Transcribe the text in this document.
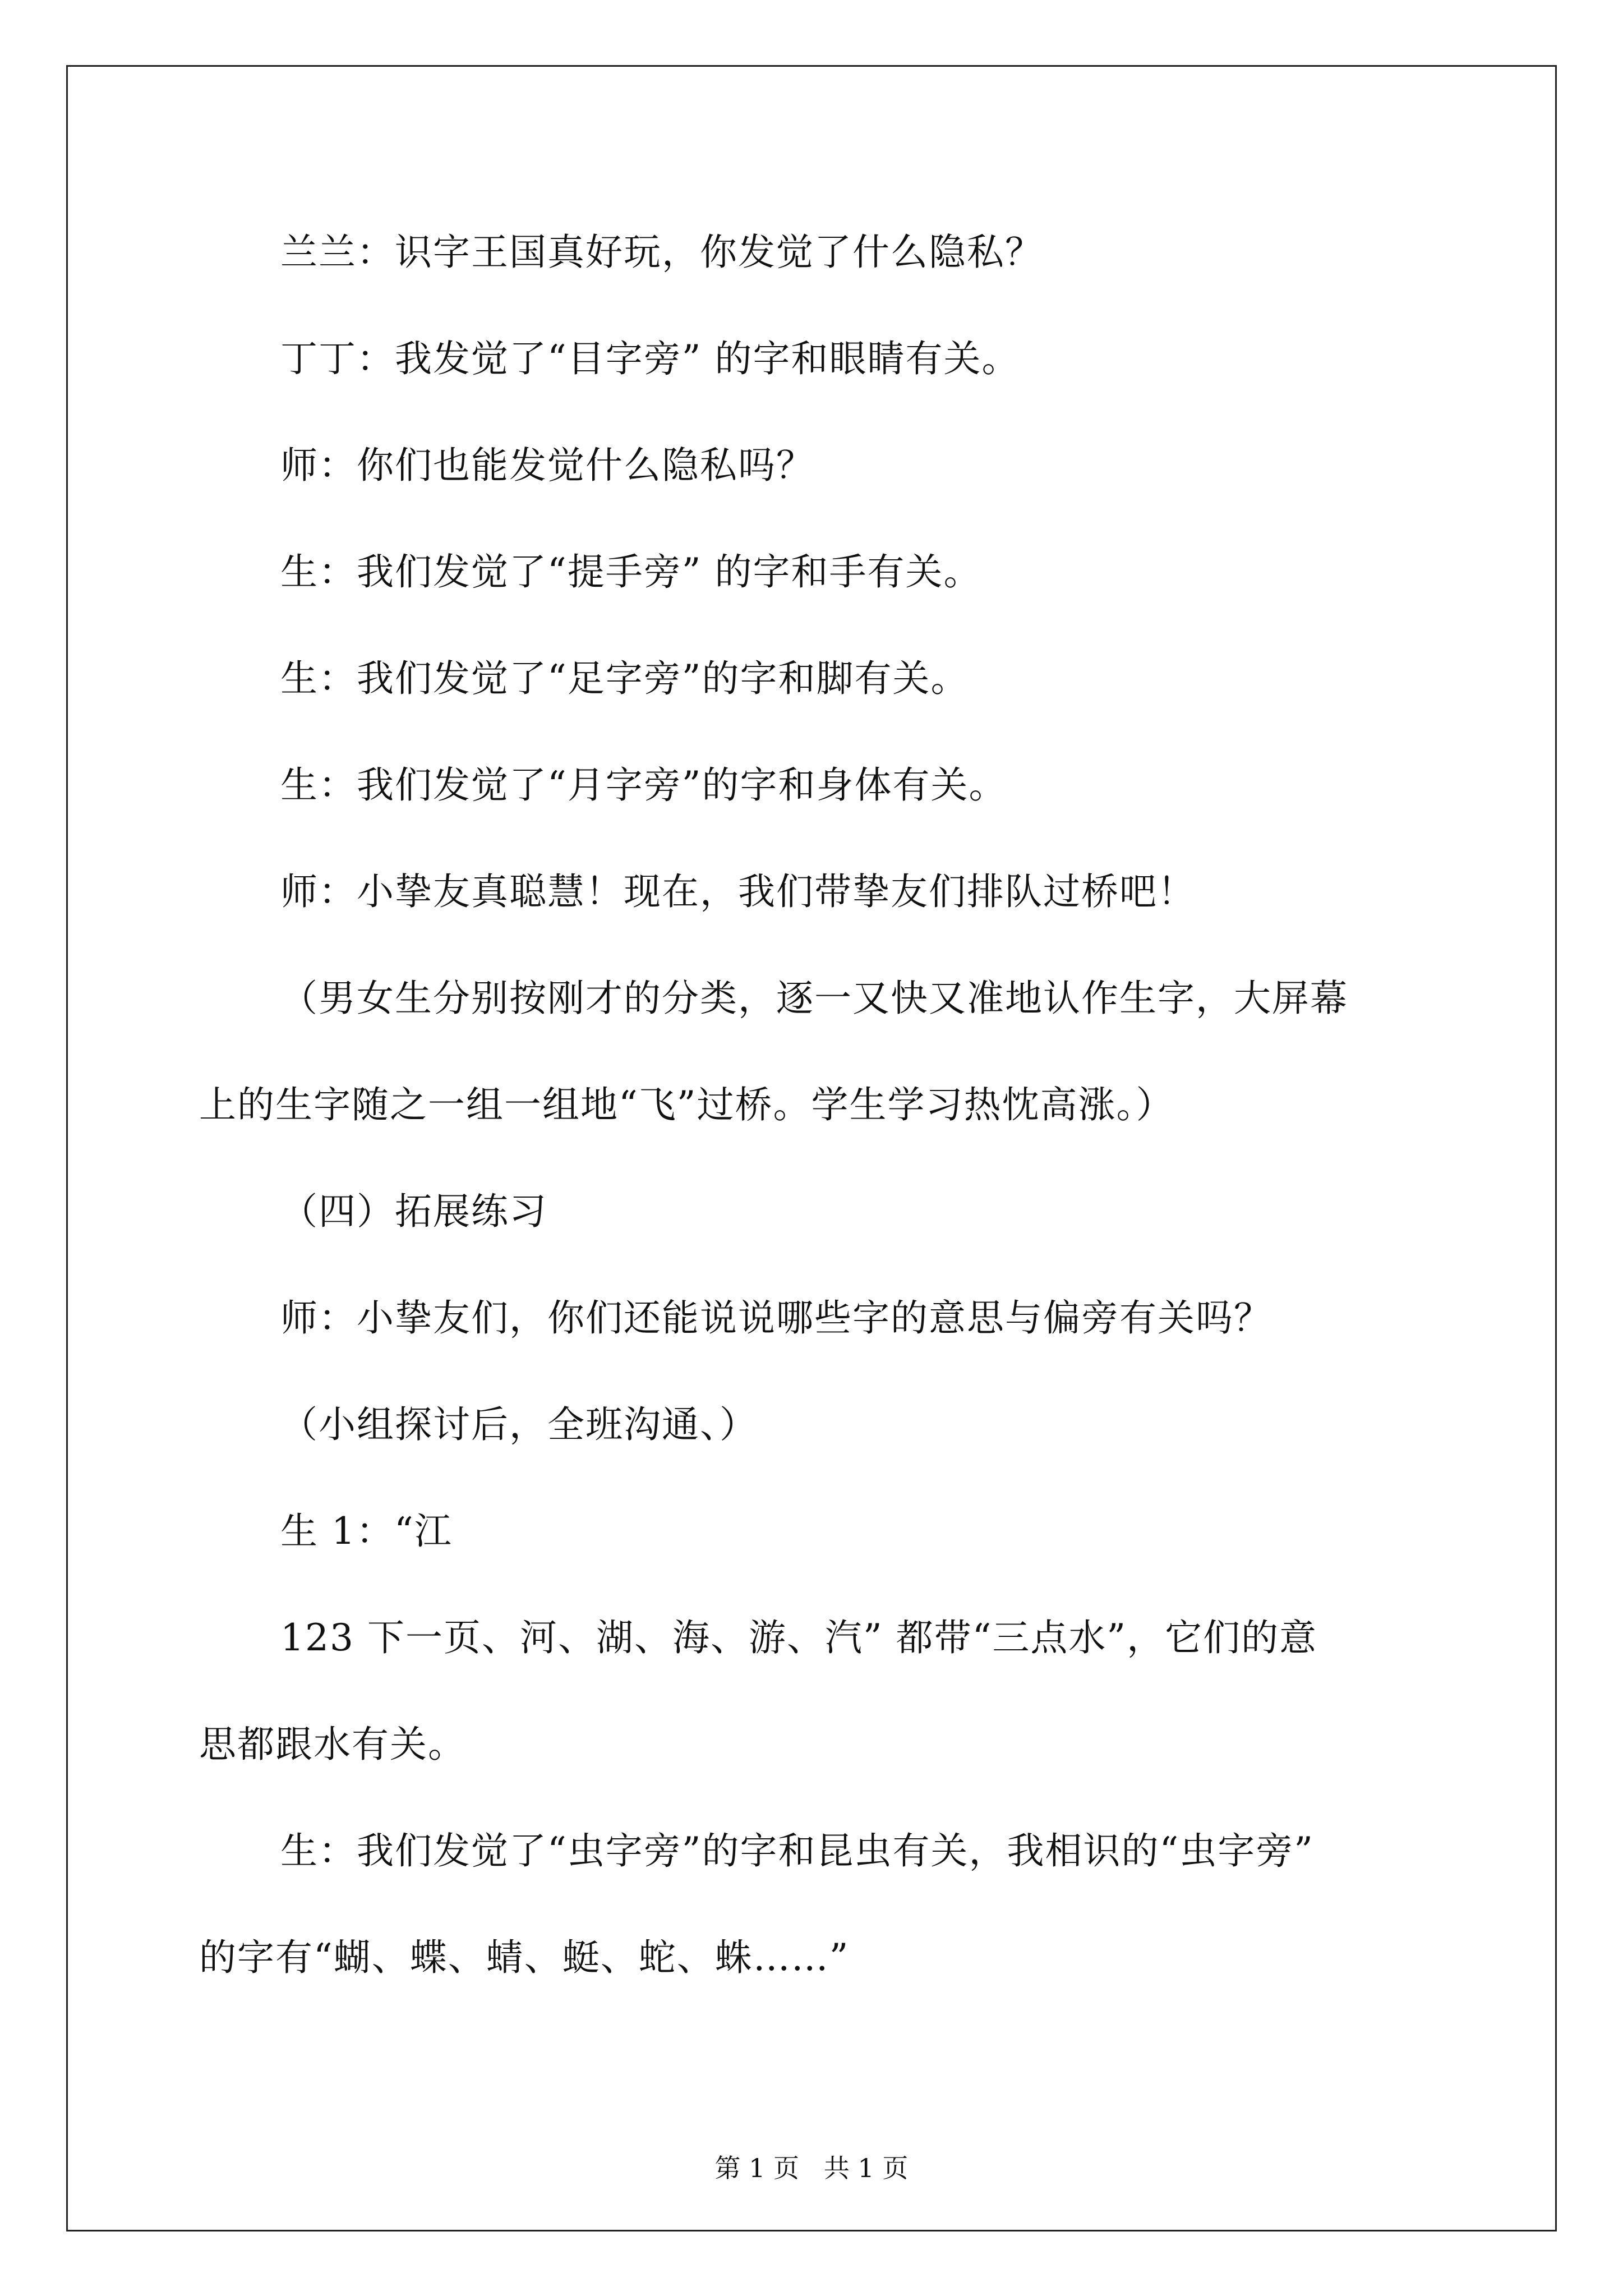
兰兰：识字王国真好玩，你发觉了什么隐私？
丁丁：我发觉了“目字旁” 的字和眼睛有关。
师：你们也能发觉什么隐私吗？
生：我们发觉了“提手旁” 的字和手有关。
生：我们发觉了“足字旁”的字和脚有关。
生：我们发觉了“月字旁”的字和身体有关。
师：小挚友真聪慧！现在，我们带挚友们排队过桥吧！
（男女生分别按刚才的分类，逐一又快又准地认作生字，大屏幕
上的生字随之一组一组地“飞”过桥。学生学习热忱高涨。）
（四）拓展练习
师：小挚友们，你们还能说说哪些字的意思与偏旁有关吗？
（小组探讨后，全班沟通、）
生 1：“江
123 下一页、河、湖、海、游、汽” 都带“三点水”，它们的意
思都跟水有关。
生：我们发觉了“虫字旁”的字和昆虫有关，我相识的“虫字旁”
的字有“蝴、蝶、蜻、蜓、蛇、蛛……”
第 1 页   共 1 页
